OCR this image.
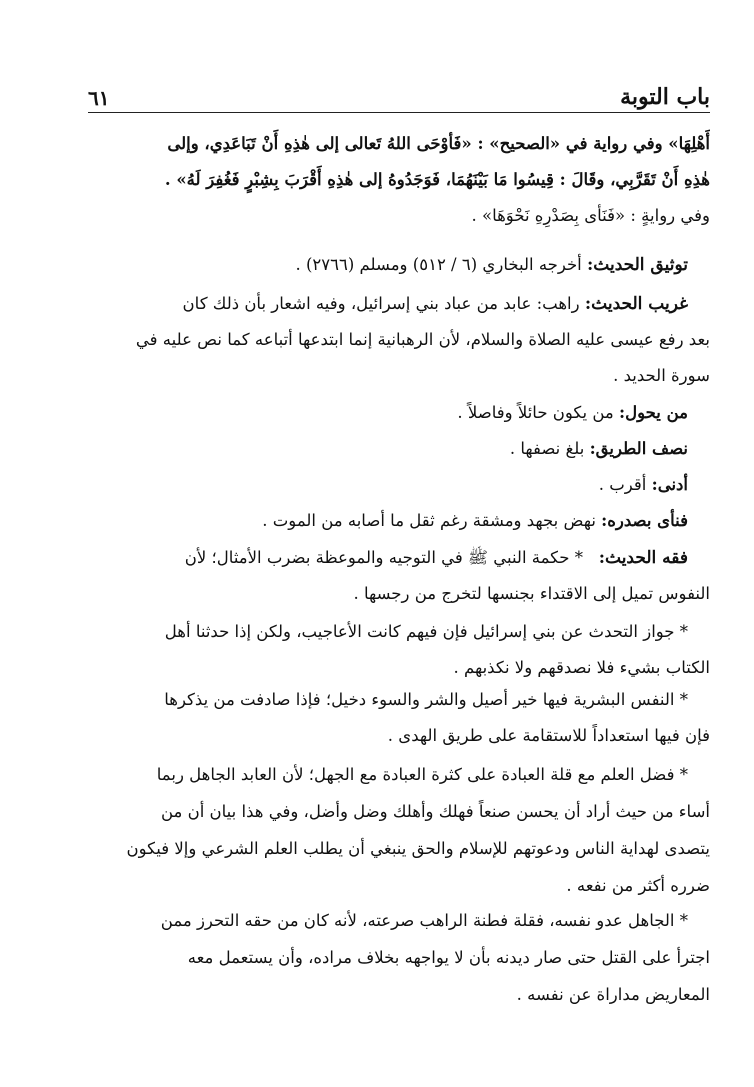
باب التوبة
٦١
أَهْلِهَا» وفي رواية في «الصحيح» : «فَأوْحَى اللهُ تَعالى إلى هٰذِهِ أَنْ تَبَاعَدِي، وإلى
هٰذِهِ أَنْ تَقَرَّبِي، وقَالَ : قِيسُوا مَا بَيْنَهُمَا، فَوَجَدُوهُ إلى هٰذِهِ أَقْرَبَ بِشِبْرٍ فَغُفِرَ لَهُ» .
وفي روايةٍ : «فَنَأى بِصَدْرِهِ نَحْوَهَا» .
توثيق الحديث: أخرجه البخاري (٦ / ٥١٢) ومسلم (٢٧٦٦) .
غريب الحديث: راهب: عابد من عباد بني إسرائيل، وفيه اشعار بأن ذلك كان
بعد رفع عيسى عليه الصلاة والسلام، لأن الرهبانية إنما ابتدعها أتباعه كما نص عليه في
سورة الحديد .
من يحول: من يكون حائلاً وفاصلاً .
نصف الطريق: بلغ نصفها .
أدنى: أقرب .
فنأى بصدره: نهض بجهد ومشقة رغم ثقل ما أصابه من الموت .
فقه الحديث:   * حكمة النبي ﷺ في التوجيه والموعظة بضرب الأمثال؛ لأن
النفوس تميل إلى الاقتداء بجنسها لتخرج من رجسها .
* جواز التحدث عن بني إسرائيل فإن فيهم كانت الأعاجيب، ولكن إذا حدثنا أهل
الكتاب بشيء فلا نصدقهم ولا نكذبهم .
* النفس البشرية فيها خير أصيل والشر والسوء دخيل؛ فإذا صادفت من يذكرها
فإن فيها استعداداً للاستقامة على طريق الهدى .
* فضل العلم مع قلة العبادة على كثرة العبادة مع الجهل؛ لأن العابد الجاهل ربما
أساء من حيث أراد أن يحسن صنعاً فهلك وأهلك وضل وأضل، وفي هذا بيان أن من
يتصدى لهداية الناس ودعوتهم للإسلام والحق ينبغي أن يطلب العلم الشرعي وإلا فيكون
ضرره أكثر من نفعه .
* الجاهل عدو نفسه، فقلة فطنة الراهب صرعته، لأنه كان من حقه التحرز ممن
اجترأ على القتل حتى صار ديدنه بأن لا يواجهه بخلاف مراده، وأن يستعمل معه
المعاريض مداراة عن نفسه .
